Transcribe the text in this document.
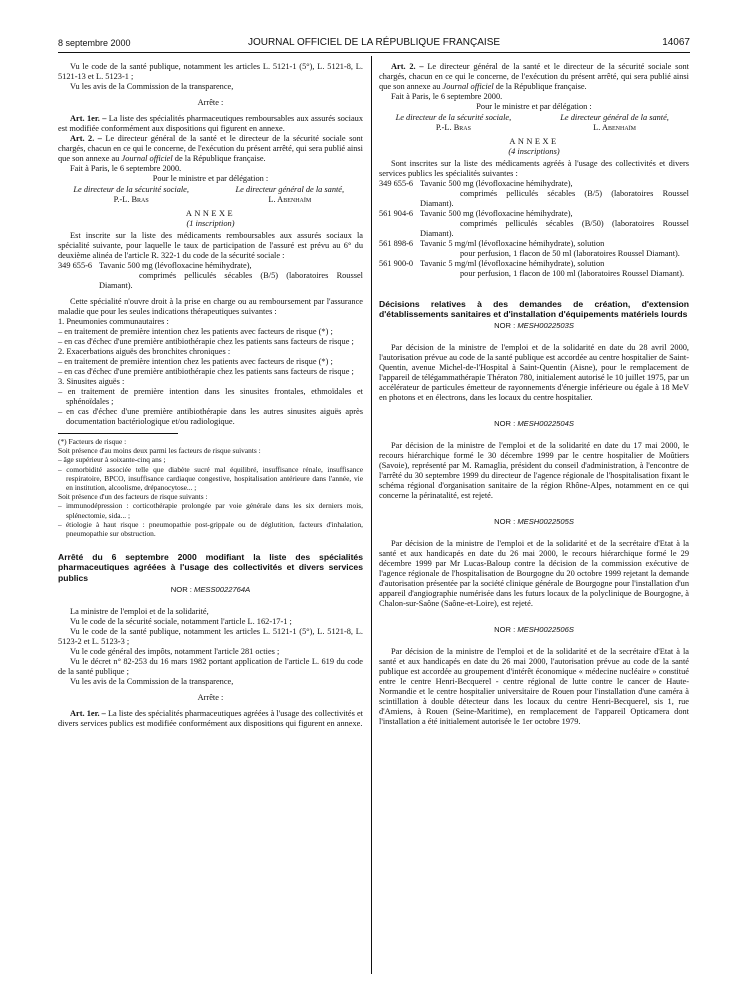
8 septembre 2000	JOURNAL OFFICIEL DE LA RÉPUBLIQUE FRANÇAISE	14067

Vu le code de la santé publique, notamment les articles L. 5121-1 (5°), L. 5121-8, L. 5121-13 et L. 5123-1 ;

Vu les avis de la Commission de la transparence,

Arrête :

Art. 1er. – La liste des spécialités pharmaceutiques remboursables aux assurés sociaux est modifiée conformément aux dispositions qui figurent en annexe.

Art. 2. – Le directeur général de la santé et le directeur de la sécurité sociale sont chargés, chacun en ce qui le concerne, de l'exécution du présent arrêté, qui sera publié ainsi que son annexe au Journal officiel de la République française.

Fait à Paris, le 6 septembre 2000.

Pour le ministre et par délégation :

Le directeur de la sécurité sociale,
P.-L. Bras
Le directeur général de la santé,
L. Abenhaïm

ANNEXE

(1 inscription)

Est inscrite sur la liste des médicaments remboursables aux assurés sociaux la spécialité suivante, pour laquelle le taux de participation de l'assuré est prévu au 6° du deuxième alinéa de l'article R. 322-1 du code de la sécurité sociale :

349 655-6 Tavanic 500 mg (lévofloxacine hémihydrate),
comprimés pelliculés sécables (B/5) (laboratoires Roussel Diamant).

Cette spécialité n'ouvre droit à la prise en charge ou au remboursement par l'assurance maladie que pour les seules indications thérapeutiques suivantes :

1. Pneumonies communautaires :

– en traitement de première intention chez les patients avec facteurs de risque (*) ;

– en cas d'échec d'une première antibiothérapie chez les patients sans facteurs de risque ;

2. Exacerbations aiguës des bronchites chroniques :

– en traitement de première intention chez les patients avec facteurs de risque (*) ;

– en cas d'échec d'une première antibiothérapie chez les patients sans facteurs de risque ;

3. Sinusites aiguës :

– en traitement de première intention dans les sinusites frontales, ethmoïdales et sphénoïdales ;

– en cas d'échec d'une première antibiothérapie dans les autres sinusites aiguës après documentation bactériologique et/ou radiologique.

(*) Facteurs de risque :

Soit présence d'au moins deux parmi les facteurs de risque suivants :

– âge supérieur à soixante-cinq ans ;

– comorbidité associée telle que diabète sucré mal équilibré, insuffisance rénale, insuffisance respiratoire, BPCO, insuffisance cardiaque congestive, hospitalisation antérieure dans l'année, vie en institution, alcoolisme, drépanocytose... ;

Soit présence d'un des facteurs de risque suivants :

– immunodépression : corticothérapie prolongée par voie générale dans les six derniers mois, splénectomie, sida... ;

– étiologie à haut risque : pneumopathie post-grippale ou de déglutition, facteurs d'inhalation, pneumopathie sur obstruction.

Arrêté du 6 septembre 2000 modifiant la liste des spécialités pharmaceutiques agréées à l'usage des collectivités et divers services publics

NOR : MESS0022764A

La ministre de l'emploi et de la solidarité,

Vu le code de la sécurité sociale, notamment l'article L. 162-17-1 ;

Vu le code de la santé publique, notamment les articles L. 5121-1 (5°), L. 5121-8, L. 5123-2 et L. 5123-3 ;

Vu le code général des impôts, notamment l'article 281 octies ;

Vu le décret n° 82-253 du 16 mars 1982 portant application de l'article L. 619 du code de la santé publique ;

Vu les avis de la Commission de la transparence,

Arrête :

Art. 1er. – La liste des spécialités pharmaceutiques agréées à l'usage des collectivités et divers services publics est modifiée conformément aux dispositions qui figurent en annexe.

Art. 2. – Le directeur général de la santé et le directeur de la sécurité sociale sont chargés, chacun en ce qui le concerne, de l'exécution du présent arrêté, qui sera publié ainsi que son annexe au Journal officiel de la République française.

Fait à Paris, le 6 septembre 2000.

Pour le ministre et par délégation :

Le directeur de la sécurité sociale,
P.-L. Bras
Le directeur général de la santé,
L. Abenhaïm

ANNEXE

(4 inscriptions)

Sont inscrites sur la liste des médicaments agréés à l'usage des collectivités et divers services publics les spécialités suivantes :

349 655-6 Tavanic 500 mg (lévofloxacine hémihydrate),
comprimés pelliculés sécables (B/5) (laboratoires Roussel Diamant).
561 904-6 Tavanic 500 mg (lévofloxacine hémihydrate),
comprimés pelliculés sécables (B/50) (laboratoires Roussel Diamant).
561 898-6 Tavanic 5 mg/ml (lévofloxacine hémihydrate), solution
pour perfusion, 1 flacon de 50 ml (laboratoires Roussel Diamant).
561 900-0 Tavanic 5 mg/ml (lévofloxacine hémihydrate), solution
pour perfusion, 1 flacon de 100 ml (laboratoires Roussel Diamant).

Décisions relatives à des demandes de création, d'extension d'établissements sanitaires et d'installation d'équipements matériels lourds

NOR : MESH0022503S

Par décision de la ministre de l'emploi et de la solidarité en date du 28 avril 2000, l'autorisation prévue au code de la santé publique est accordée au centre hospitalier de Saint-Quentin, avenue Michel-de-l'Hospital à Saint-Quentin (Aisne), pour le remplacement de l'appareil de télégammathérapie Thératon 780, initialement autorisé le 10 juillet 1975, par un accélérateur de particules émetteur de rayonnements d'énergie inférieure ou égale à 18 MeV en photons et en électrons, dans les locaux du centre hospitalier.

NOR : MESH0022504S

Par décision de la ministre de l'emploi et de la solidarité en date du 17 mai 2000, le recours hiérarchique formé le 30 décembre 1999 par le centre hospitalier de Moûtiers (Savoie), représenté par M. Ramaglia, président du conseil d'administration, à l'encontre de l'arrêté du 30 septembre 1999 du directeur de l'agence régionale de l'hospitalisation fixant le schéma régional d'organisation sanitaire de la région Rhône-Alpes, notamment en ce qui concerne la périnatalité, est rejeté.

NOR : MESH0022505S

Par décision de la ministre de l'emploi et de la solidarité et de la secrétaire d'Etat à la santé et aux handicapés en date du 26 mai 2000, le recours hiérarchique formé le 29 décembre 1999 par Mr Lucas-Baloup contre la décision de la commission exécutive de l'agence régionale de l'hospitalisation de Bourgogne du 20 octobre 1999 rejetant la demande d'autorisation présentée par la société clinique générale de Bourgogne pour l'installation d'un appareil d'angiographie numérisée dans les futurs locaux de la polyclinique de Bourgogne, à Chalon-sur-Saône (Saône-et-Loire), est rejeté.

NOR : MESH0022506S

Par décision de la ministre de l'emploi et de la solidarité et de la secrétaire d'Etat à la santé et aux handicapés en date du 26 mai 2000, l'autorisation prévue au code de la santé publique est accordée au groupement d'intérêt économique « médecine nucléaire » constitué entre le centre Henri-Becquerel - centre régional de lutte contre le cancer de Haute-Normandie et le centre hospitalier universitaire de Rouen pour l'installation d'une caméra à scintillation à double détecteur dans les locaux du centre Henri-Becquerel, sis 1, rue d'Amiens, à Rouen (Seine-Maritime), en remplacement de l'appareil Opticamera dont l'installation a été initialement autorisée le 1er octobre 1979.
